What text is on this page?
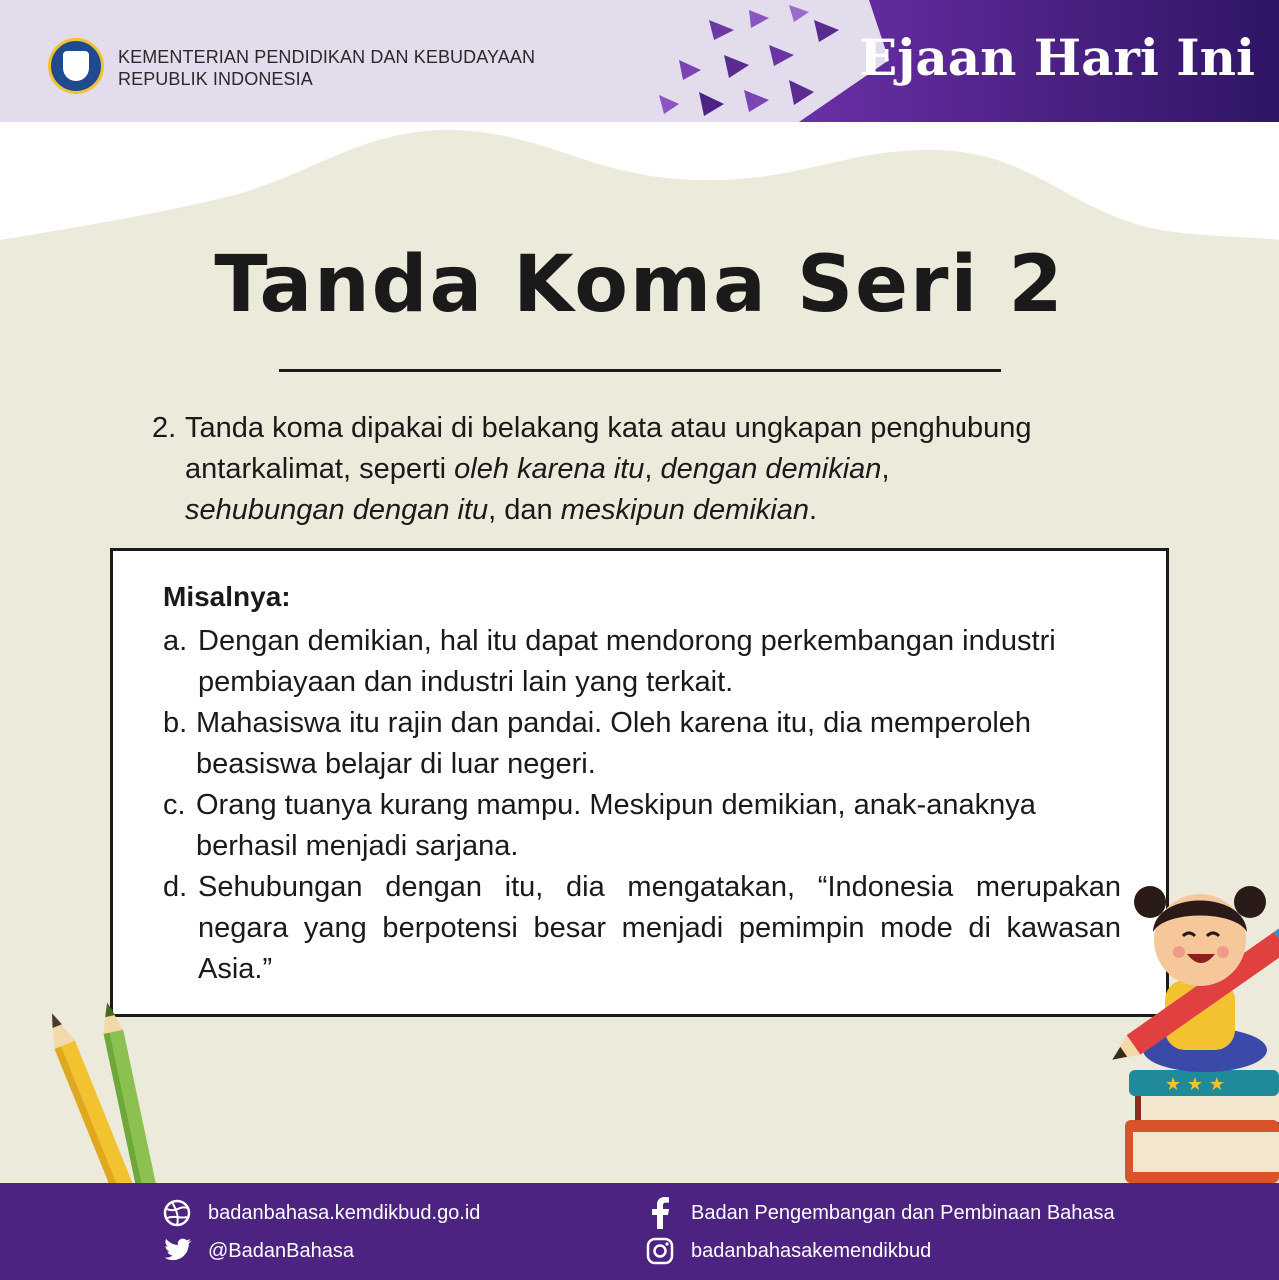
KEMENTERIAN PENDIDIKAN DAN KEBUDAYAAN
REPUBLIK INDONESIA	Ejaan Hari Ini
Tanda Koma Seri 2
2. Tanda koma dipakai di belakang kata atau ungkapan penghubung antarkalimat, seperti oleh karena itu, dengan demikian,
sehubungan dengan itu, dan meskipun demikian.
Misalnya:
a. Dengan demikian, hal itu dapat mendorong perkembangan industri pembiayaan dan industri lain yang terkait.
b. Mahasiswa itu rajin dan pandai. Oleh karena itu, dia memperoleh beasiswa belajar di luar negeri.
c. Orang tuanya kurang mampu. Meskipun demikian, anak-anaknya berhasil menjadi sarjana.
d. Sehubungan dengan itu, dia mengatakan, “Indonesia merupakan negara yang berpotensi besar menjadi pemimpin mode di kawasan Asia.”
★ ★ ★
badanbahasa.kemdikbud.go.id
@BadanBahasa
Badan Pengembangan dan Pembinaan Bahasa
badanbahasakemendikbud
